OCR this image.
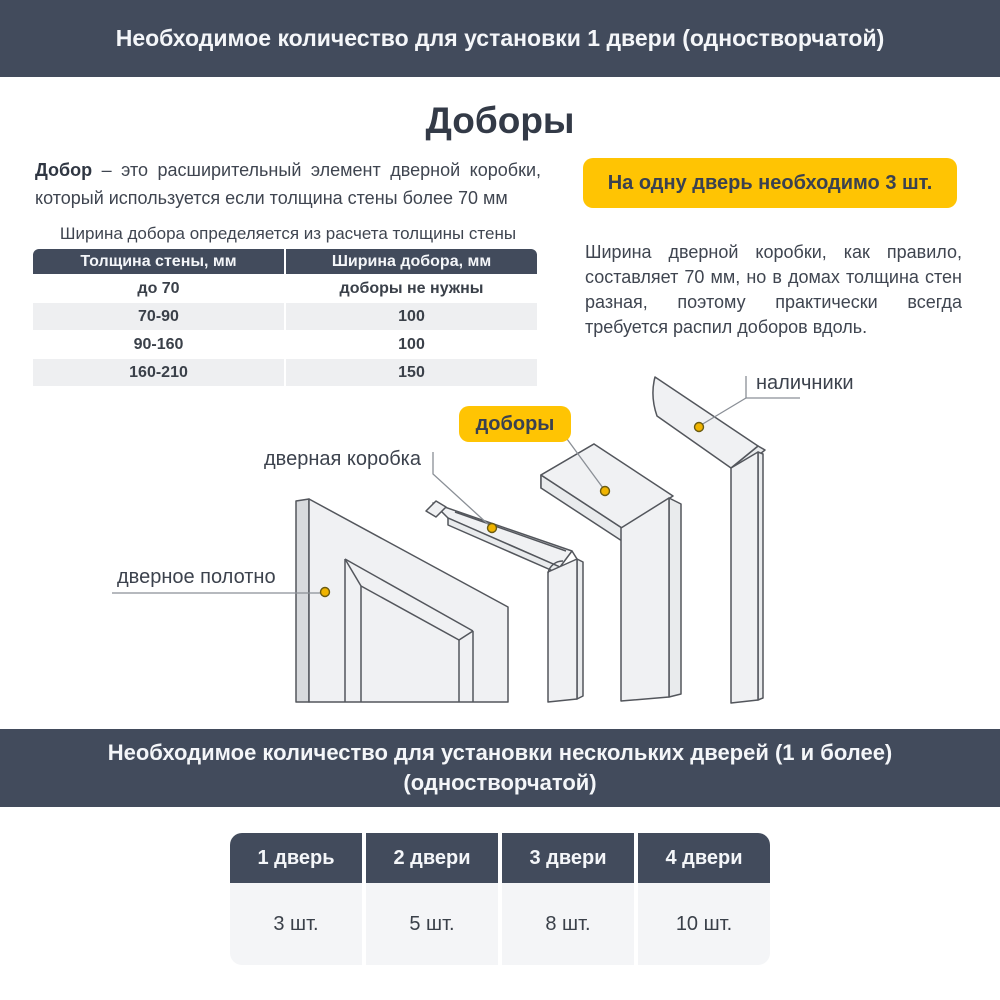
Необходимое количество для установки 1 двери (одностворчатой)
Доборы
Добор – это расширительный элемент дверной коробки, который используется если толщина стены более 70 мм
Ширина добора определяется из расчета толщины стены
Толщина стены, мм	Ширина добора, мм
до 70	доборы не нужны
70-90	100
90-160	100
160-210	150
На одну дверь необходимо 3 шт.
Ширина дверной коробки, как правило, составляет 70 мм, но в домах толщина стен разная, поэтому практически всегда требуется распил доборов вдоль.
дверное полотно
дверная коробка
доборы
наличники
Необходимое количество для установки нескольких дверей (1 и более)
(одностворчатой)
1 дверь	2 двери	3 двери	4 двери
3 шт.	5 шт.	8 шт.	10 шт.
